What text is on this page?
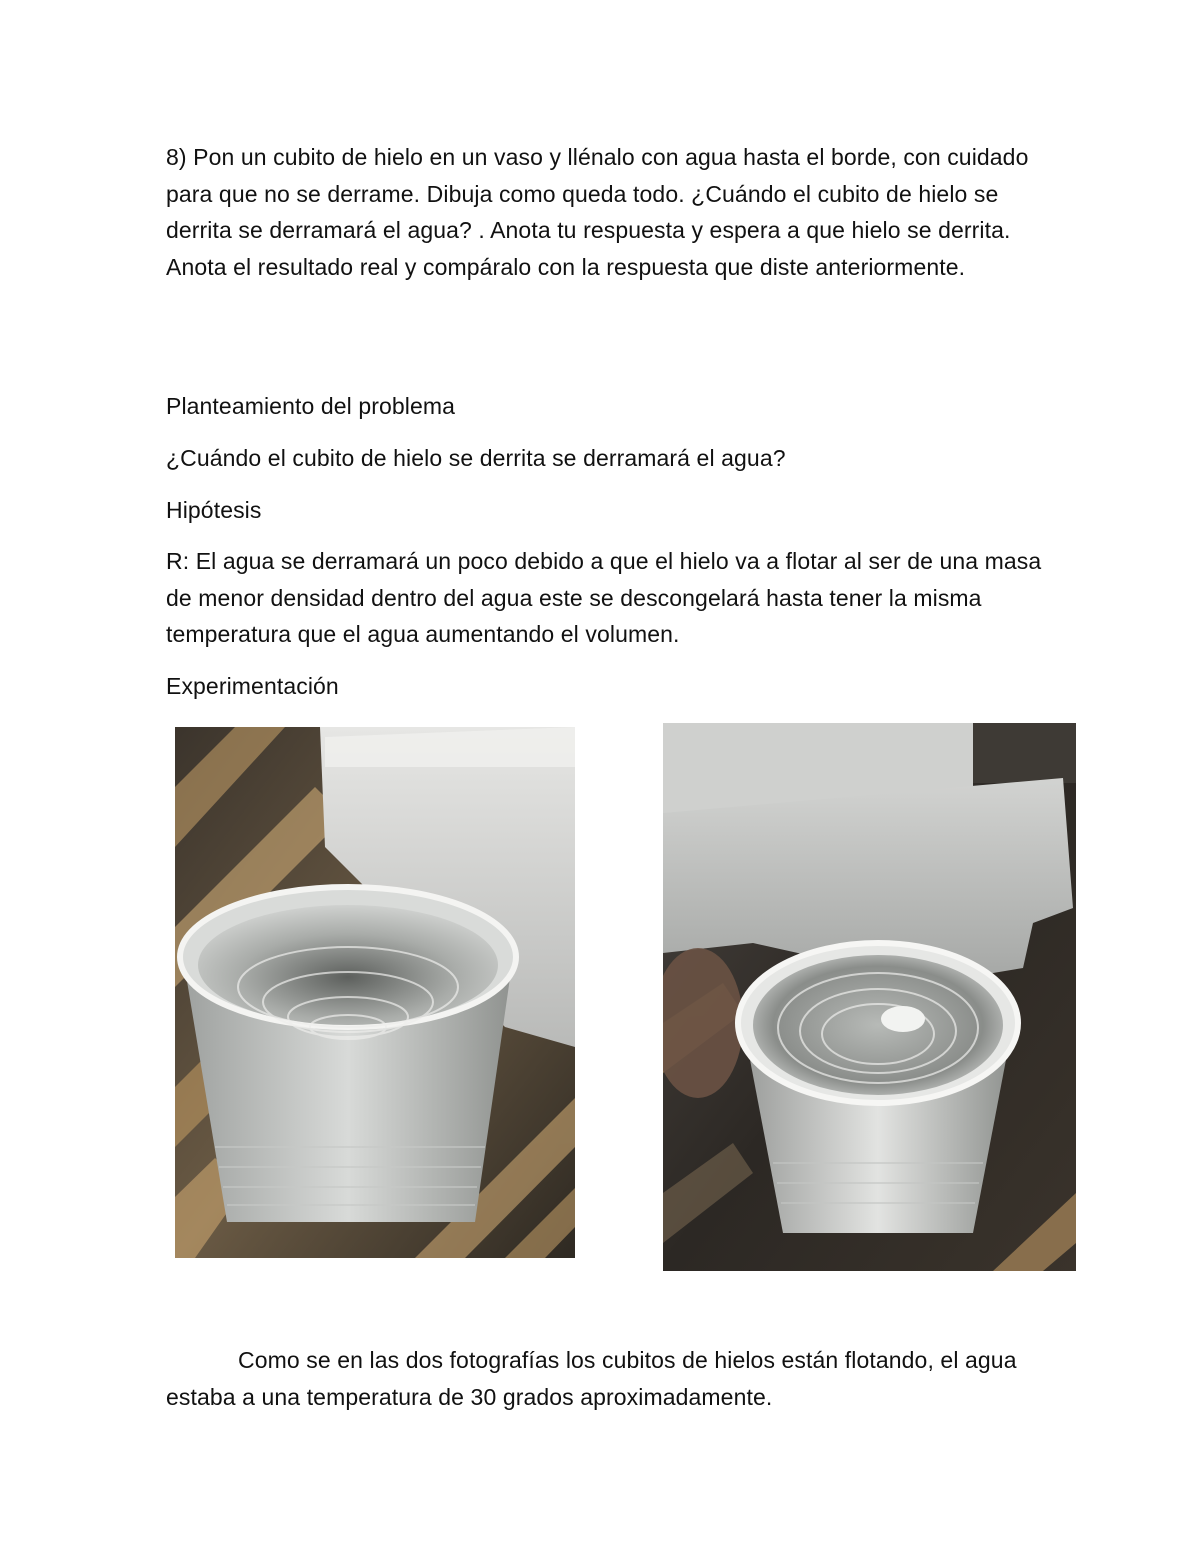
8) Pon un cubito de hielo en un vaso y llénalo con agua hasta el borde, con cuidado para que no se derrame. Dibuja como queda todo. ¿Cuándo el cubito de hielo se derrita se derramará el agua? . Anota tu respuesta y espera a que hielo se derrita. Anota el resultado real y compáralo con la respuesta que diste anteriormente.
Planteamiento del problema
¿Cuándo el cubito de hielo se derrita se derramará el agua?
Hipótesis
R: El agua se derramará un poco debido a que el hielo va a flotar al ser de una masa de menor densidad dentro del agua este se descongelará hasta tener la misma temperatura que el agua aumentando el volumen.
Experimentación
Como se en las dos fotografías los cubitos de hielos están flotando, el agua estaba a una temperatura de 30 grados aproximadamente.
